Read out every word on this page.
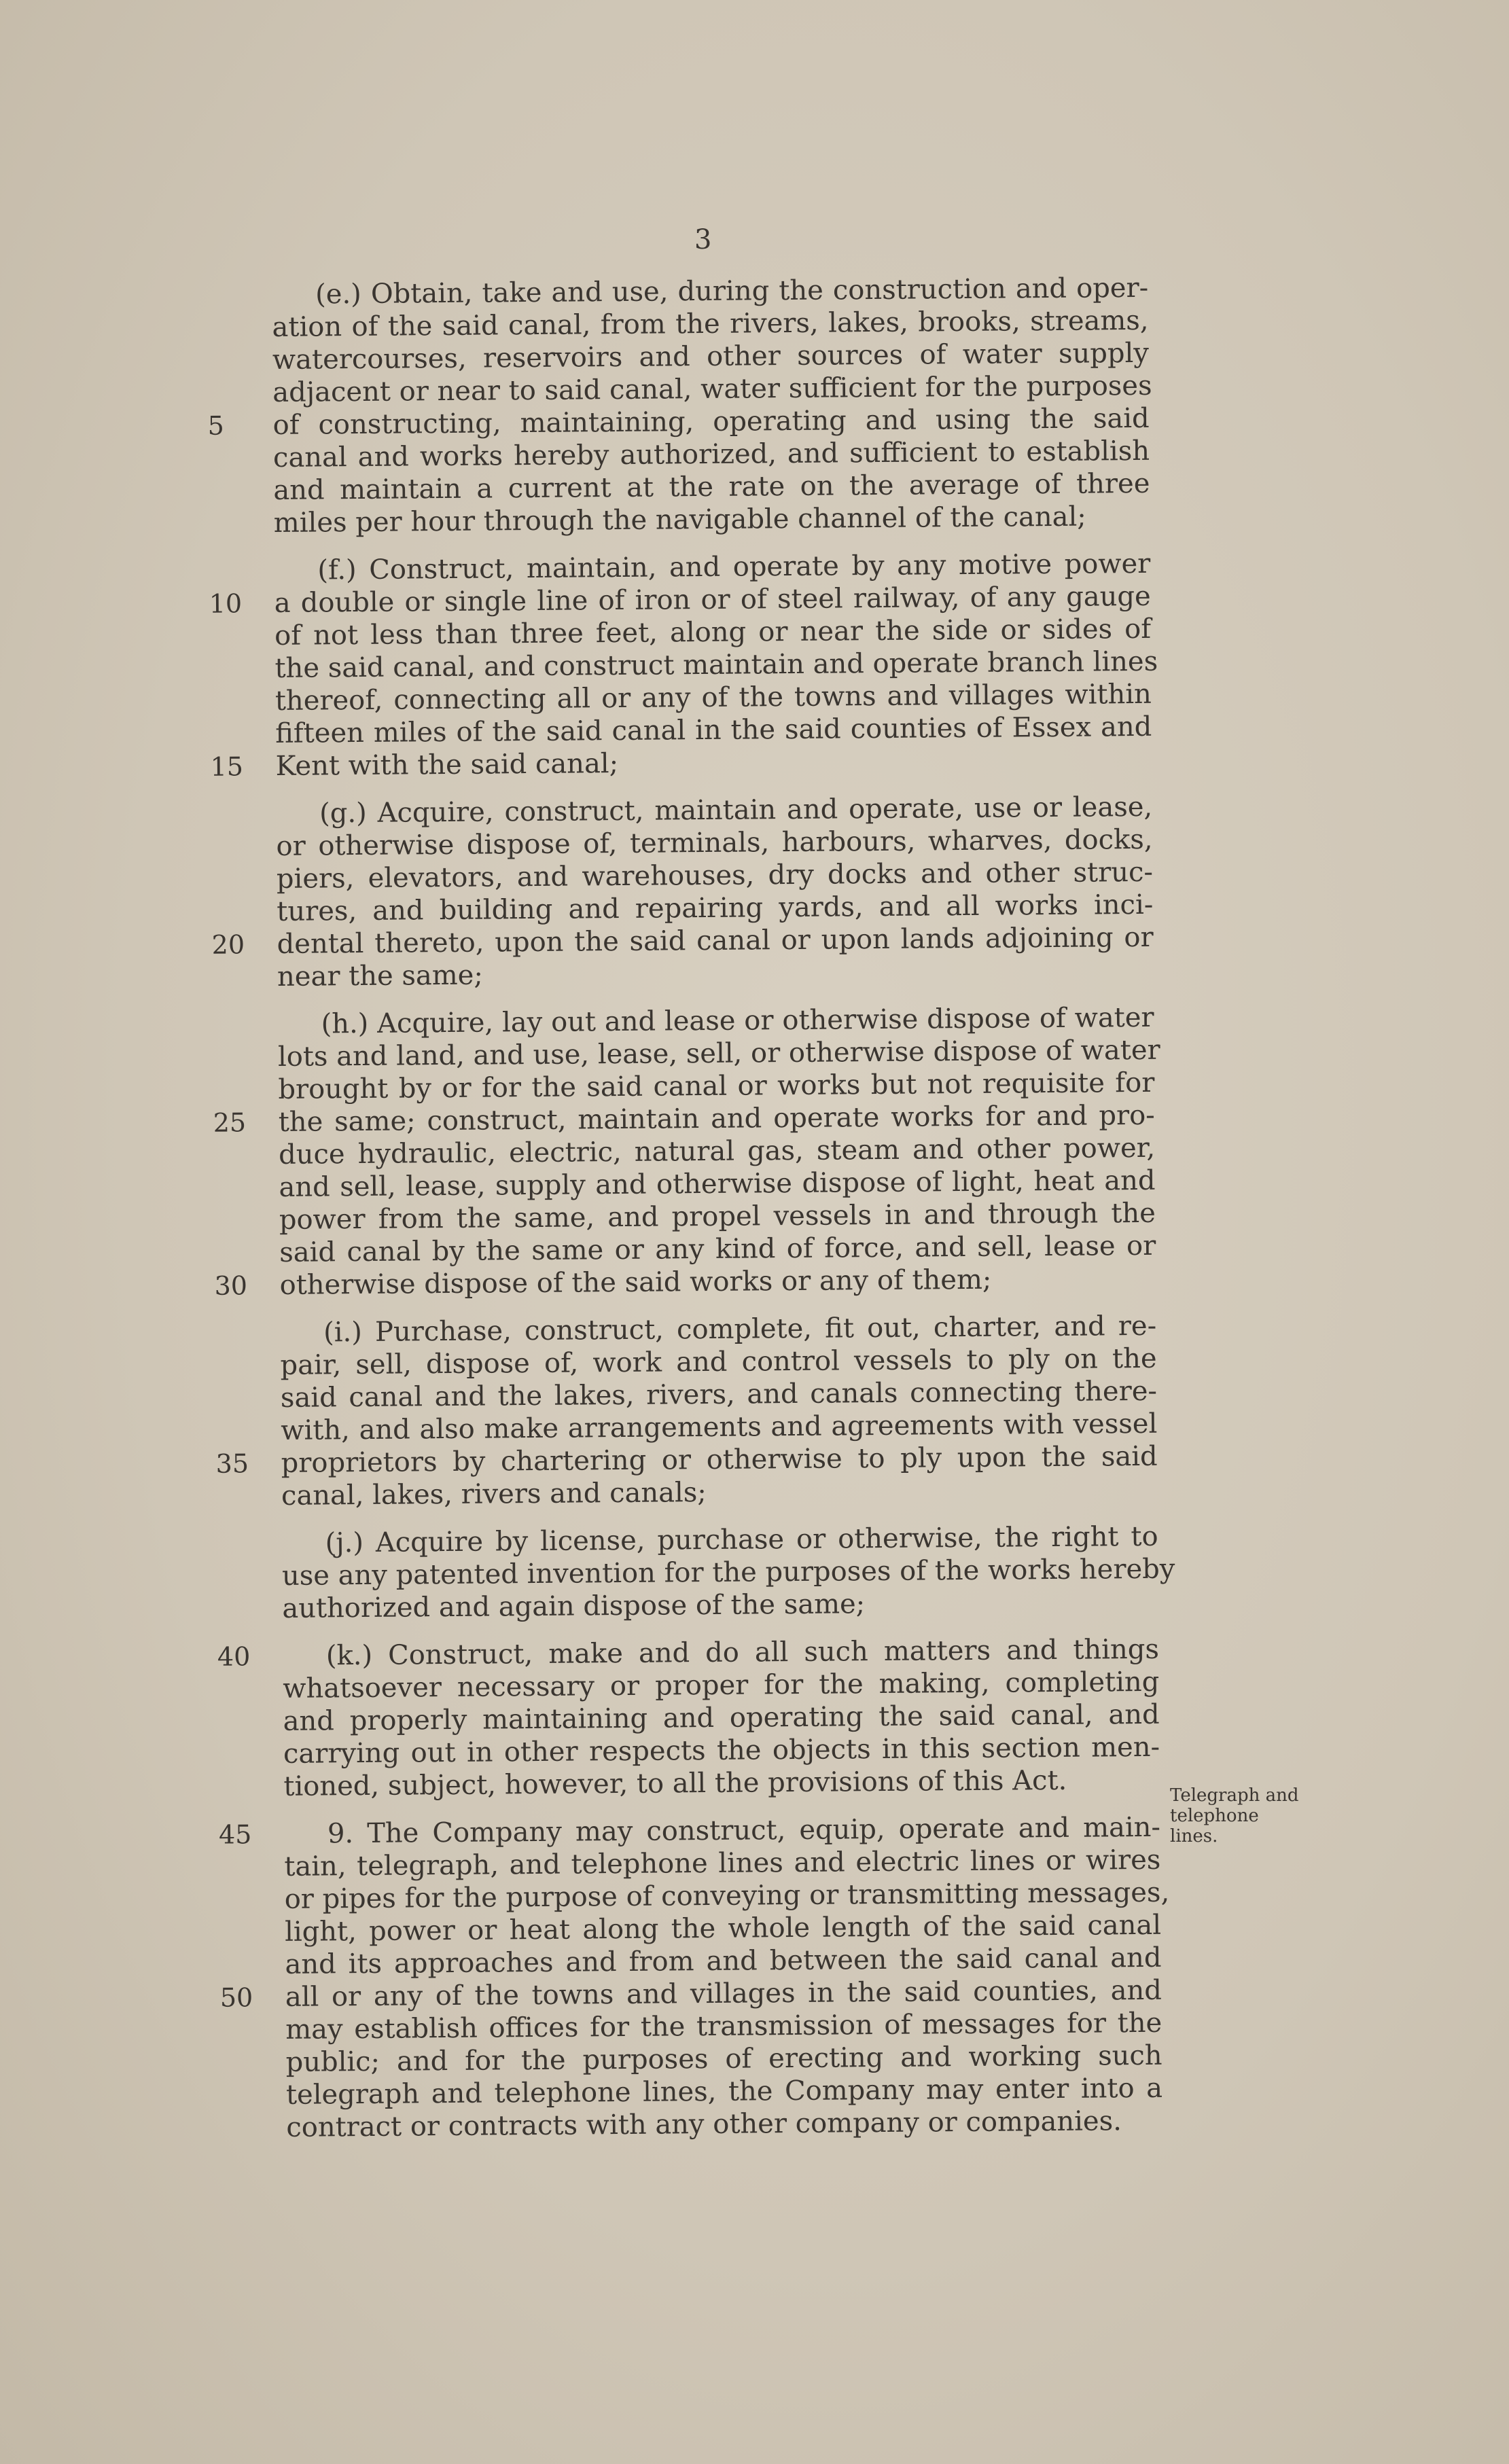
3
(e.) Obtain, take and use, during the construction and oper-
ation of the said canal, from the rivers, lakes, brooks, streams,
watercourses, reservoirs and other sources of water supply
adjacent or near to said canal, water sufficient for the purposes
5	of constructing, maintaining, operating and using the said
canal and works hereby authorized, and sufficient to establish
and maintain a current at the rate on the average of three
miles per hour through the navigable channel of the canal;
(f.) Construct, maintain, and operate by any motive power
10	a double or single line of iron or of steel railway, of any gauge
of not less than three feet, along or near the side or sides of
the said canal, and construct maintain and operate branch lines
thereof, connecting all or any of the towns and villages within
fifteen miles of the said canal in the said counties of Essex and
15	Kent with the said canal;
(g.) Acquire, construct, maintain and operate, use or lease,
or otherwise dispose of, terminals, harbours, wharves, docks,
piers, elevators, and warehouses, dry docks and other struc-
tures, and building and repairing yards, and all works inci-
20	dental thereto, upon the said canal or upon lands adjoining or
near the same;
(h.) Acquire, lay out and lease or otherwise dispose of water
lots and land, and use, lease, sell, or otherwise dispose of water
brought by or for the said canal or works but not requisite for
25	the same; construct, maintain and operate works for and pro-
duce hydraulic, electric, natural gas, steam and other power,
and sell, lease, supply and otherwise dispose of light, heat and
power from the same, and propel vessels in and through the
said canal by the same or any kind of force, and sell, lease or
30	otherwise dispose of the said works or any of them;
(i.) Purchase, construct, complete, fit out, charter, and re-
pair, sell, dispose of, work and control vessels to ply on the
said canal and the lakes, rivers, and canals connecting there-
with, and also make arrangements and agreements with vessel
35	proprietors by chartering or otherwise to ply upon the said
canal, lakes, rivers and canals;
(j.) Acquire by license, purchase or otherwise, the right to
use any patented invention for the purposes of the works hereby
authorized and again dispose of the same;
40	(k.) Construct, make and do all such matters and things
whatsoever necessary or proper for the making, completing
and properly maintaining and operating the said canal, and
carrying out in other respects the objects in this section men-
tioned, subject, however, to all the provisions of this Act.
45	9. The Company may construct, equip, operate and main-
tain, telegraph, and telephone lines and electric lines or wires
or pipes for the purpose of conveying or transmitting messages,
light, power or heat along the whole length of the said canal
and its approaches and from and between the said canal and
50	all or any of the towns and villages in the said counties, and
may establish offices for the transmission of messages for the
public; and for the purposes of erecting and working such
telegraph and telephone lines, the Company may enter into a
contract or contracts with any other company or companies.
Telegraph and
telephone
lines.
